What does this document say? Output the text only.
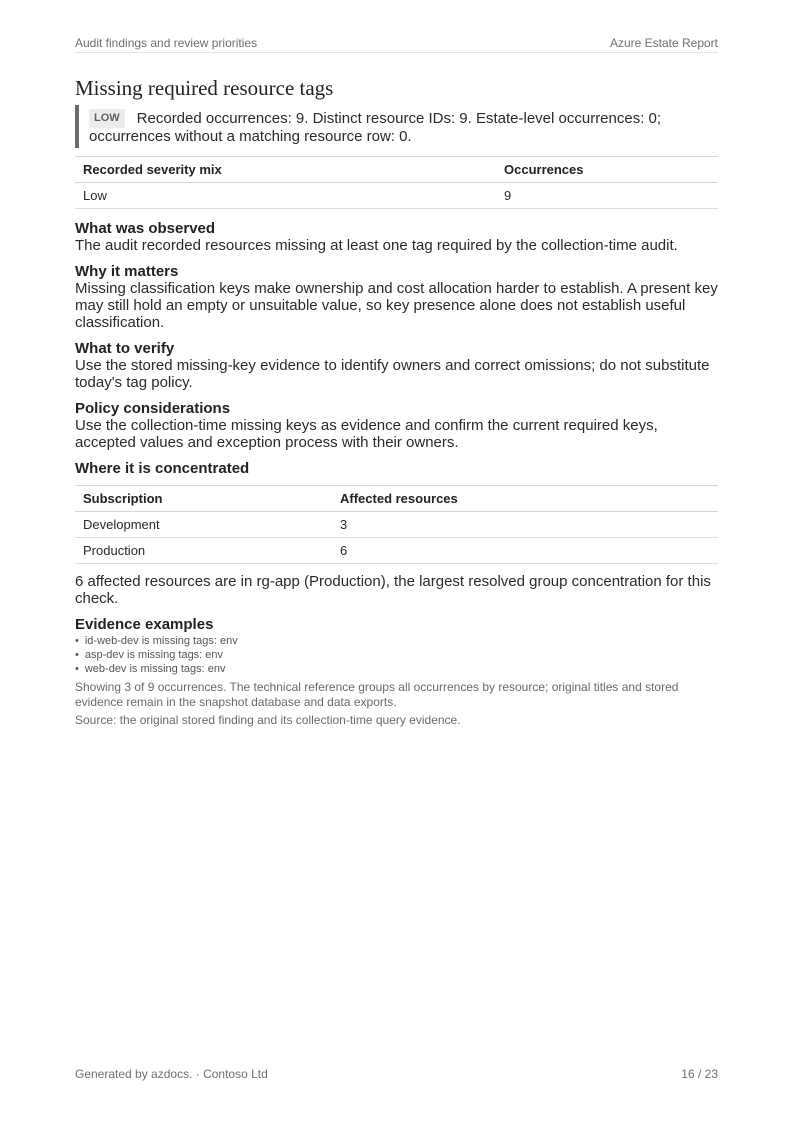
Audit findings and review priorities	Azure Estate Report
Missing required resource tags
LOW Recorded occurrences: 9. Distinct resource IDs: 9. Estate-level occurrences: 0; occurrences without a matching resource row: 0.
Recorded severity mix	Occurrences
Low	9
What was observed

The audit recorded resources missing at least one tag required by the collection-time audit.

Why it matters

Missing classification keys make ownership and cost allocation harder to establish. A present key may still hold an empty or unsuitable value, so key presence alone does not establish useful classification.

What to verify

Use the stored missing-key evidence to identify owners and correct omissions; do not substitute today's tag policy.

Policy considerations

Use the collection-time missing keys as evidence and confirm the current required keys, accepted values and exception process with their owners.

Where it is concentrated
Subscription	Affected resources
Development	3
Production	6
6 affected resources are in rg-app (Production), the largest resolved group concentration for this check.
Evidence examples
• id-web-dev is missing tags: env
• asp-dev is missing tags: env
• web-dev is missing tags: env
Showing 3 of 9 occurrences. The technical reference groups all occurrences by resource; original titles and stored evidence remain in the snapshot database and data exports.
Source: the original stored finding and its collection-time query evidence.
Generated by azdocs. · Contoso Ltd	16 / 23
